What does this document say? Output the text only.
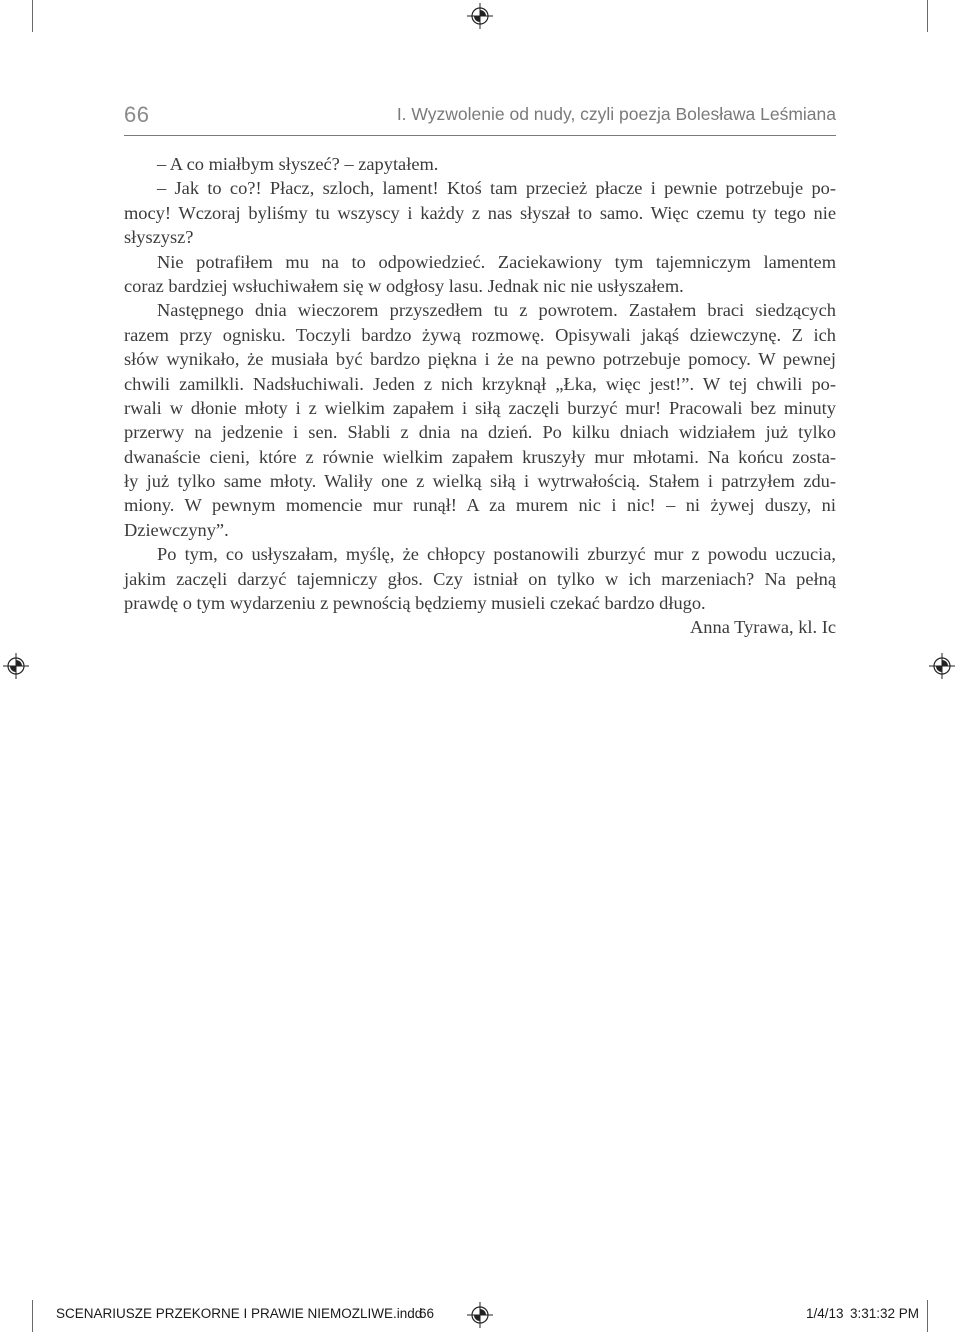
66	I. Wyzwolenie od nudy, czyli poezja Bolesława Leśmiana
– A co miałbym słyszeć? – zapytałem.
– Jak to co?! Płacz, szloch, lament! Ktoś tam przecież płacze i pewnie potrzebuje po-
mocy! Wczoraj byliśmy tu wszyscy i każdy z nas słyszał to samo. Więc czemu ty tego nie
słyszysz?
Nie potrafiłem mu na to odpowiedzieć. Zaciekawiony tym tajemniczym lamentem
coraz bardziej wsłuchiwałem się w odgłosy lasu. Jednak nic nie usłyszałem.
Następnego dnia wieczorem przyszedłem tu z powrotem. Zastałem braci siedzących
razem przy ognisku. Toczyli bardzo żywą rozmowę. Opisywali jakąś dziewczynę. Z ich
słów wynikało, że musiała być bardzo piękna i że na pewno potrzebuje pomocy. W pewnej
chwili zamilkli. Nadsłuchiwali. Jeden z nich krzyknął „Łka, więc jest!”. W tej chwili po-
rwali w dłonie młoty i z wielkim zapałem i siłą zaczęli burzyć mur! Pracowali bez minuty
przerwy na jedzenie i sen. Słabli z dnia na dzień. Po kilku dniach widziałem już tylko
dwanaście cieni, które z równie wielkim zapałem kruszyły mur młotami. Na końcu zosta-
ły już tylko same młoty. Waliły one z wielką siłą i wytrwałością. Stałem i patrzyłem zdu-
miony. W pewnym momencie mur runął! A za murem nic i nic! – ni żywej duszy, ni
Dziewczyny”.
Po tym, co usłyszałam, myślę, że chłopcy postanowili zburzyć mur z powodu uczucia,
jakim zaczęli darzyć tajemniczy głos. Czy istniał on tylko w ich marzeniach? Na pełną
prawdę o tym wydarzeniu z pewnością będziemy musieli czekać bardzo długo.
Anna Tyrawa, kl. Ic
SCENARIUSZE PRZEKORNE I PRAWIE NIEMOZLIWE.indd
66	1/4/13 3:31:32 PM
